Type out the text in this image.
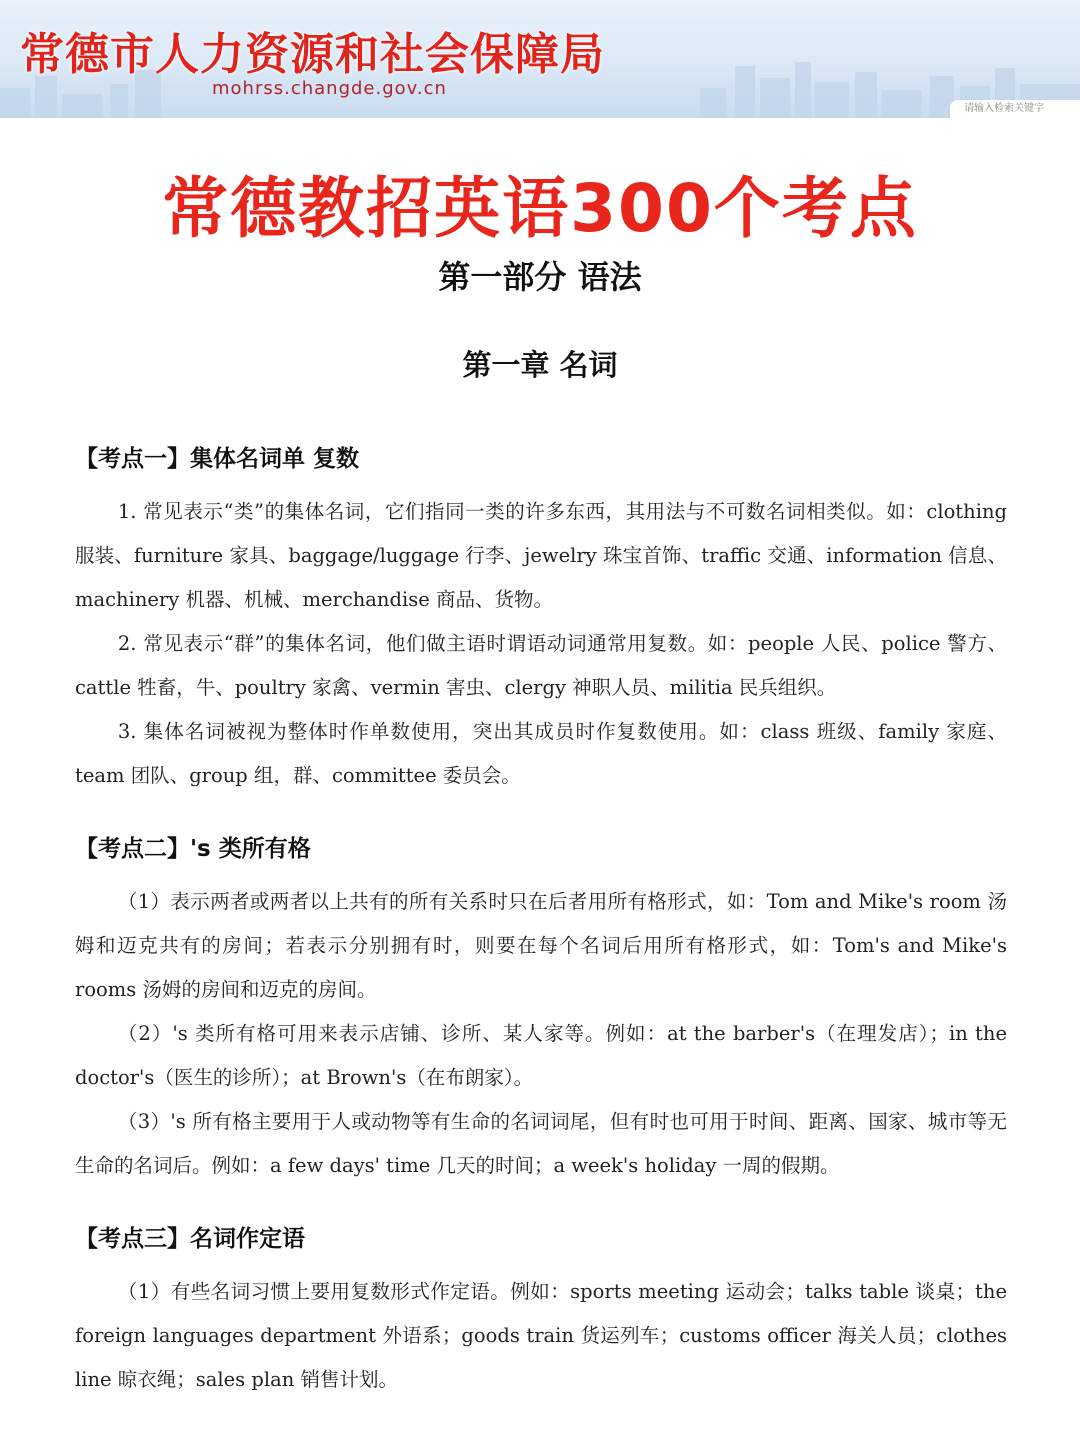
常德市人力资源和社会保障局
mohrss.changde.gov.cn
请输入检索关键字
常德教招英语300个考点
第一部分 语法
第一章 名词
【考点一】集体名词单 复数

1. 常见表示“类”的集体名词，它们指同一类的许多东西，其用法与不可数名词相类似。如：clothing 服装、furniture 家具、baggage/luggage 行李、jewelry 珠宝首饰、traffic 交通、information 信息、machinery 机器、机械、merchandise 商品、货物。

2. 常见表示“群”的集体名词，他们做主语时谓语动词通常用复数。如：people 人民、police 警方、cattle 牲畜，牛、poultry 家禽、vermin 害虫、clergy 神职人员、militia 民兵组织。

3. 集体名词被视为整体时作单数使用，突出其成员时作复数使用。如：class 班级、family 家庭、team 团队、group 组，群、committee 委员会。

【考点二】's 类所有格

（1）表示两者或两者以上共有的所有关系时只在后者用所有格形式，如：Tom and Mike's room 汤姆和迈克共有的房间；若表示分别拥有时，则要在每个名词后用所有格形式，如：Tom's and Mike's rooms 汤姆的房间和迈克的房间。

（2）'s 类所有格可用来表示店铺、诊所、某人家等。例如：at the barber's（在理发店）；in the doctor's（医生的诊所）；at Brown's（在布朗家）。

（3）'s 所有格主要用于人或动物等有生命的名词词尾，但有时也可用于时间、距离、国家、城市等无生命的名词后。例如：a few days' time 几天的时间；a week's holiday 一周的假期。

【考点三】名词作定语

（1）有些名词习惯上要用复数形式作定语。例如：sports meeting 运动会；talks table 谈桌；the foreign languages department 外语系；goods train 货运列车；customs officer 海关人员；clothes line 晾衣绳；sales plan 销售计划。
